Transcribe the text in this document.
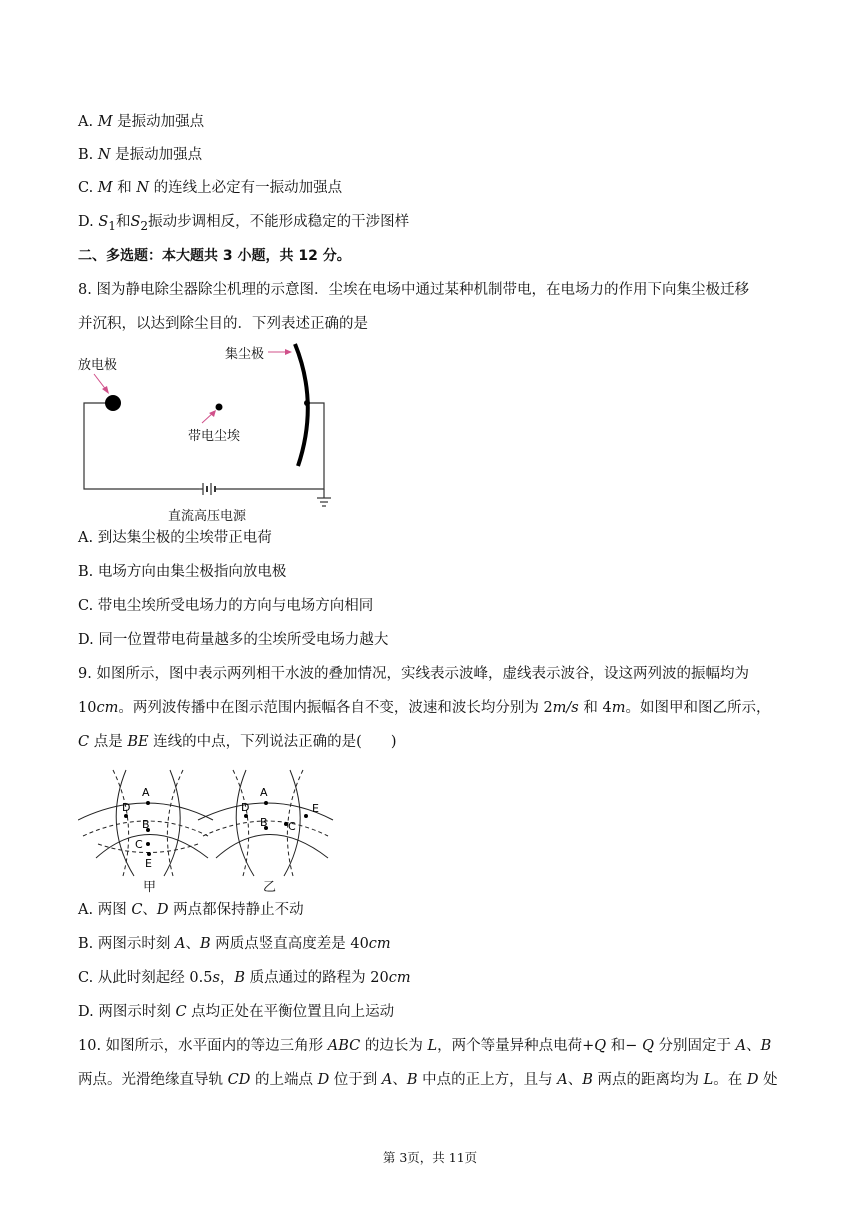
A. M 是振动加强点
B. N 是振动加强点
C. M 和 N 的连线上必定有一振动加强点
D. $S_1$和$S_2$振动步调相反，不能形成稳定的干涉图样
二、多选题：本大题共 3 小题，共 12 分。
8. 图为静电除尘器除尘机理的示意图．尘埃在电场中通过某种机制带电，在电场力的作用下向集尘极迁移
并沉积，以达到除尘目的．下列表述正确的是
放电极
集尘极
带电尘埃
直流高压电源
A. 到达集尘极的尘埃带正电荷
B. 电场方向由集尘极指向放电极
C. 带电尘埃所受电场力的方向与电场方向相同
D. 同一位置带电荷量越多的尘埃所受电场力越大
9. 如图所示，图中表示两列相干水波的叠加情况，实线表示波峰，虚线表示波谷，设这两列波的振幅均为
10cm。两列波传播中在图示范围内振幅各自不变，波速和波长均分别为 2m/s 和 4m。如图甲和图乙所示，
C 点是 BE 连线的中点，下列说法正确的是(　　)
A
D
B
C
E
A
D
B C
E
甲	乙
A. 两图 C、D 两点都保持静止不动
B. 两图示时刻 A、B 两质点竖直高度差是 40cm
C. 从此时刻起经 0.5s，B 质点通过的路程为 20cm
D. 两图示时刻 C 点均正处在平衡位置且向上运动
10. 如图所示，水平面内的等边三角形 ABC 的边长为 L，两个等量异种点电荷+Q 和− Q 分别固定于 A、B
两点。光滑绝缘直导轨 CD 的上端点 D 位于到 A、B 中点的正上方，且与 A、B 两点的距离均为 L。在 D 处
第 3页，共 11页
